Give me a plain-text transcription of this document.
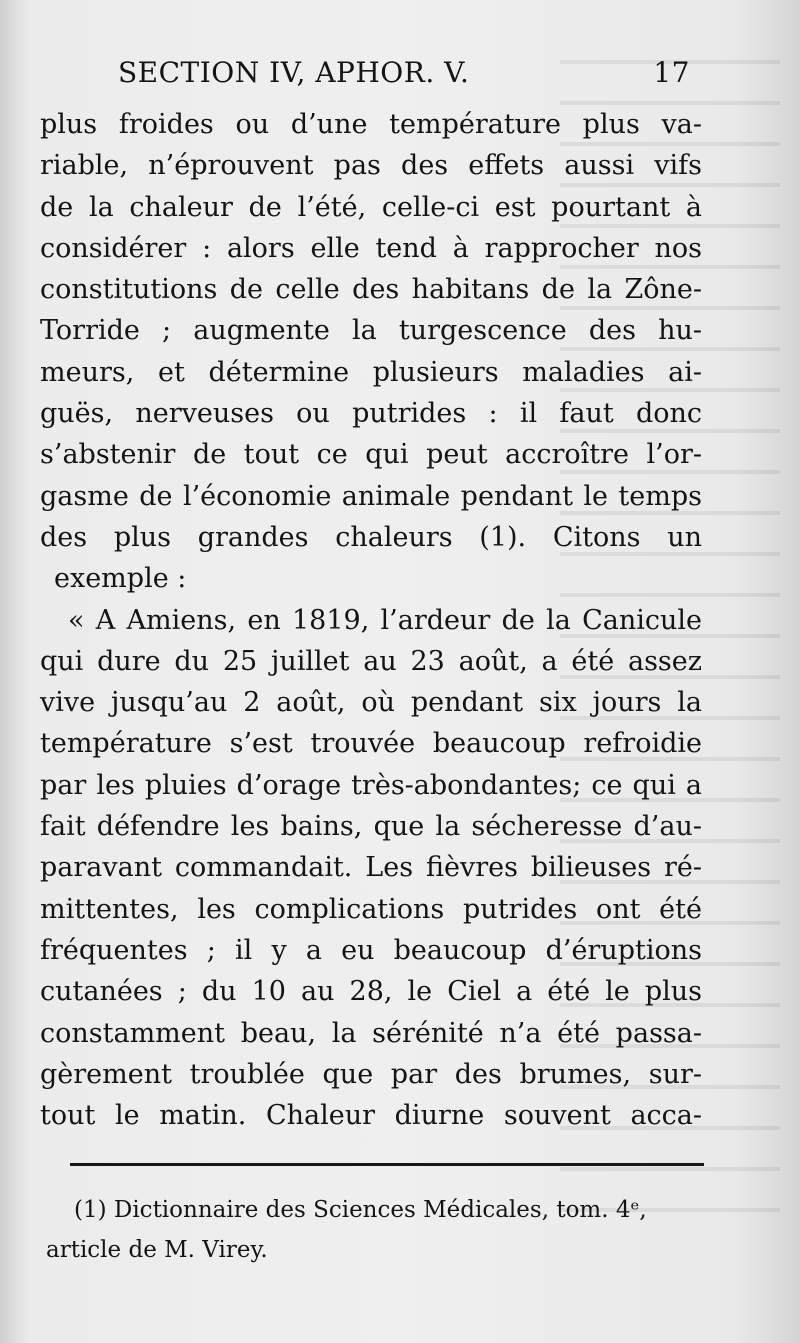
SECTION IV, APHOR. V.	17
plus froides ou d’une température plus va-
riable, n’éprouvent pas des effets aussi vifs
de la chaleur de l’été, celle-ci est pourtant à
considérer : alors elle tend à rapprocher nos
constitutions de celle des habitans de la Zône-
Torride ; augmente la turgescence des hu-
meurs, et détermine plusieurs maladies ai-
guës, nerveuses ou putrides : il faut donc
s’abstenir de tout ce qui peut accroître l’or-
gasme de l’économie animale pendant le temps
des plus grandes chaleurs (1). Citons un
exemple :
« A Amiens, en 1819, l’ardeur de la Canicule
qui dure du 25 juillet au 23 août, a été assez
vive jusqu’au 2 août, où pendant six jours la
température s’est trouvée beaucoup refroidie
par les pluies d’orage très-abondantes; ce qui a
fait défendre les bains, que la sécheresse d’au-
paravant commandait. Les fièvres bilieuses ré-
mittentes, les complications putrides ont été
fréquentes ; il y a eu beaucoup d’éruptions
cutanées ; du 10 au 28, le Ciel a été le plus
constamment beau, la sérénité n’a été passa-
gèrement troublée que par des brumes, sur-
tout le matin. Chaleur diurne souvent acca-
(1) Dictionnaire des Sciences Médicales, tom. 4ᵉ,
article de M. Virey.
